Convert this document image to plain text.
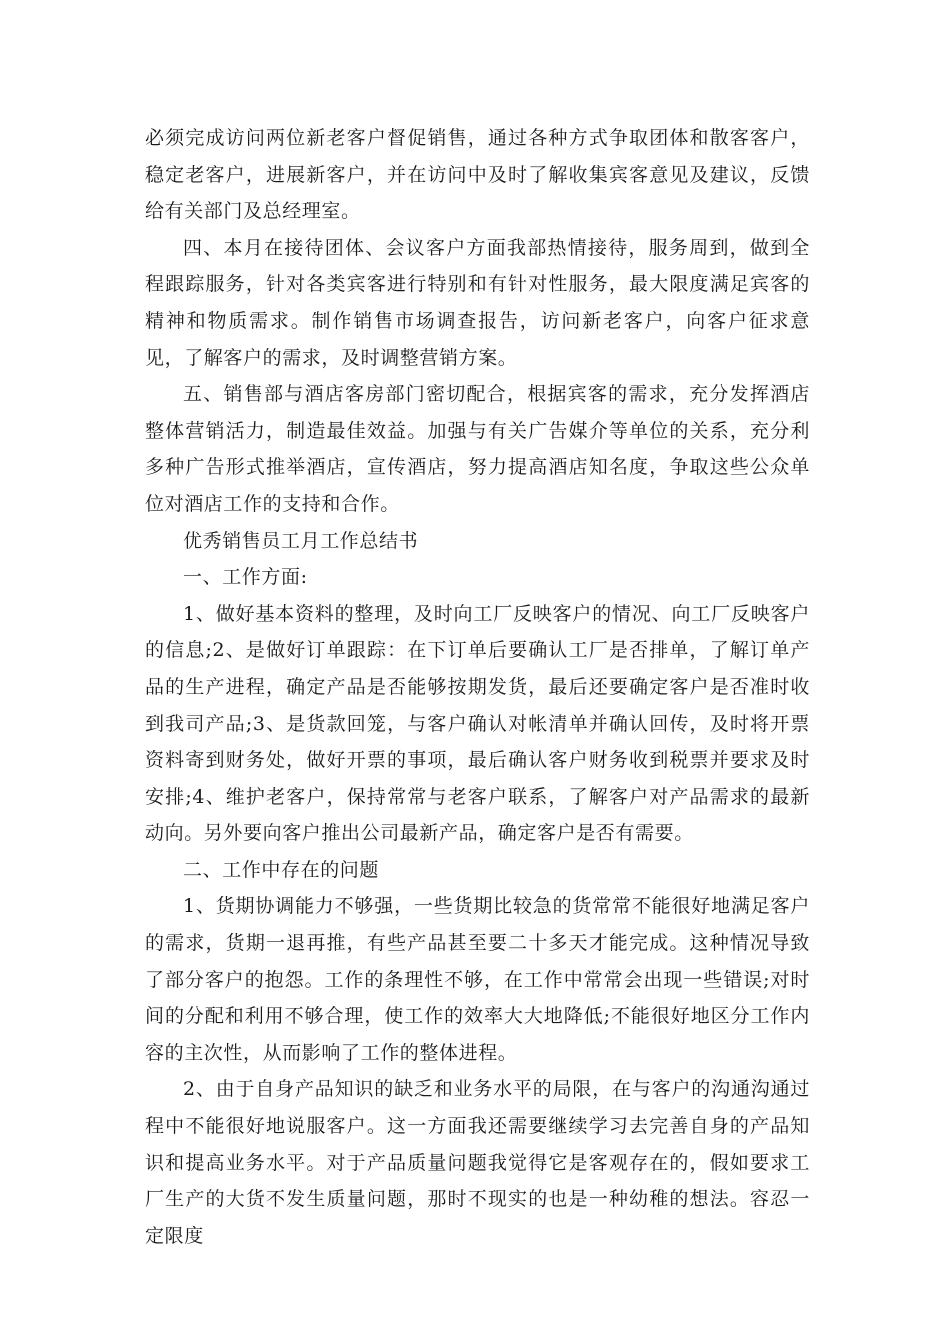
必须完成访问两位新老客户督促销售，通过各种方式争取团体和散客客户，稳定老客户，进展新客户，并在访问中及时了解收集宾客意见及建议，反馈给有关部门及总经理室。

四、本月在接待团体、会议客户方面我部热情接待，服务周到，做到全程跟踪服务，针对各类宾客进行特别和有针对性服务，最大限度满足宾客的精神和物质需求。制作销售市场调查报告，访问新老客户，向客户征求意见，了解客户的需求，及时调整营销方案。

五、销售部与酒店客房部门密切配合，根据宾客的需求，充分发挥酒店整体营销活力，制造最佳效益。加强与有关广告媒介等单位的关系，充分利多种广告形式推举酒店，宣传酒店，努力提高酒店知名度，争取这些公众单位对酒店工作的支持和合作。

优秀销售员工月工作总结书

一、工作方面:

1、做好基本资料的整理，及时向工厂反映客户的情况、向工厂反映客户的信息;2、是做好订单跟踪：在下订单后要确认工厂是否排单，了解订单产品的生产进程，确定产品是否能够按期发货，最后还要确定客户是否准时收到我司产品;3、是货款回笼，与客户确认对帐清单并确认回传，及时将开票资料寄到财务处，做好开票的事项，最后确认客户财务收到税票并要求及时安排;4、维护老客户，保持常常与老客户联系，了解客户对产品需求的最新动向。另外要向客户推出公司最新产品，确定客户是否有需要。

二、工作中存在的问题

1、货期协调能力不够强，一些货期比较急的货常常不能很好地满足客户的需求，货期一退再推，有些产品甚至要二十多天才能完成。这种情况导致了部分客户的抱怨。工作的条理性不够，在工作中常常会出现一些错误;对时间的分配和利用不够合理，使工作的效率大大地降低;不能很好地区分工作内容的主次性，从而影响了工作的整体进程。

2、由于自身产品知识的缺乏和业务水平的局限，在与客户的沟通沟通过程中不能很好地说服客户。这一方面我还需要继续学习去完善自身的产品知识和提高业务水平。对于产品质量问题我觉得它是客观存在的，假如要求工厂生产的大货不发生质量问题，那时不现实的也是一种幼稚的想法。容忍一定限度
